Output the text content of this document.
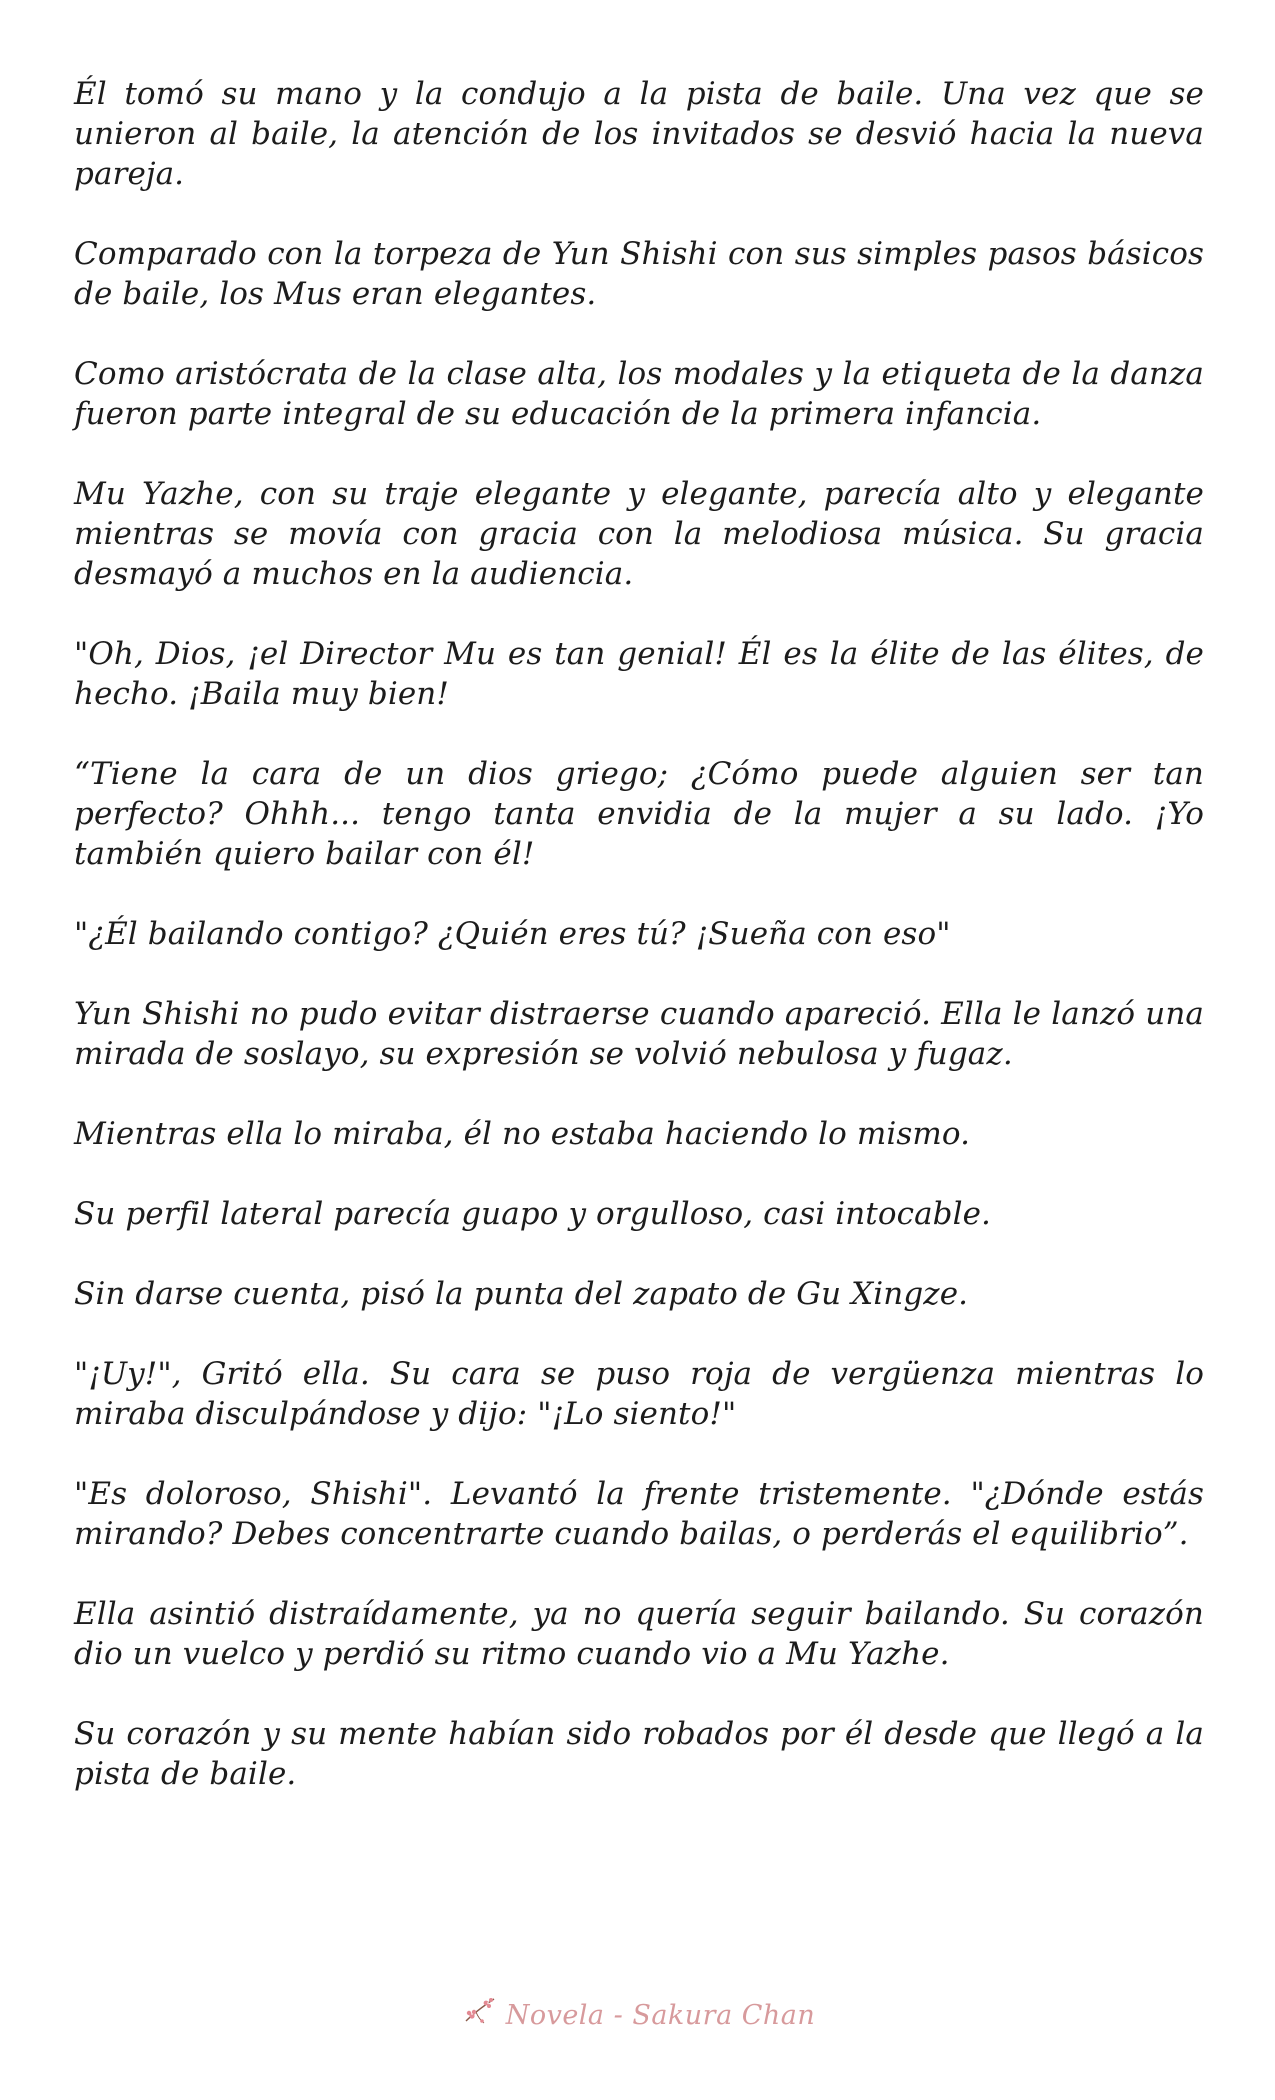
Él tomó su mano y la condujo a la pista de baile. Una vez que se unieron al baile, la atención de los invitados se desvió hacia la nueva pareja.

Comparado con la torpeza de Yun Shishi con sus simples pasos básicos de baile, los Mus eran elegantes.

Como aristócrata de la clase alta, los modales y la etiqueta de la danza fueron parte integral de su educación de la primera infancia.

Mu Yazhe, con su traje elegante y elegante, parecía alto y elegante mientras se movía con gracia con la melodiosa música. Su gracia desmayó a muchos en la audiencia.

"Oh, Dios, ¡el Director Mu es tan genial! Él es la élite de las élites, de hecho. ¡Baila muy bien!

“Tiene la cara de un dios griego; ¿Cómo puede alguien ser tan perfecto? Ohhh... tengo tanta envidia de la mujer a su lado. ¡Yo también quiero bailar con él!

"¿Él bailando contigo? ¿Quién eres tú? ¡Sueña con eso"

Yun Shishi no pudo evitar distraerse cuando apareció. Ella le lanzó una mirada de soslayo, su expresión se volvió nebulosa y fugaz.

Mientras ella lo miraba, él no estaba haciendo lo mismo.

Su perfil lateral parecía guapo y orgulloso, casi intocable.

Sin darse cuenta, pisó la punta del zapato de Gu Xingze.

"¡Uy!", Gritó ella. Su cara se puso roja de vergüenza mientras lo miraba disculpándose y dijo: "¡Lo siento!"

"Es doloroso, Shishi". Levantó la frente tristemente. "¿Dónde estás mirando? Debes concentrarte cuando bailas, o perderás el equilibrio”.

Ella asintió distraídamente, ya no quería seguir bailando. Su corazón dio un vuelco y perdió su ritmo cuando vio a Mu Yazhe.

Su corazón y su mente habían sido robados por él desde que llegó a la pista de baile.

Novela - Sakura Chan
